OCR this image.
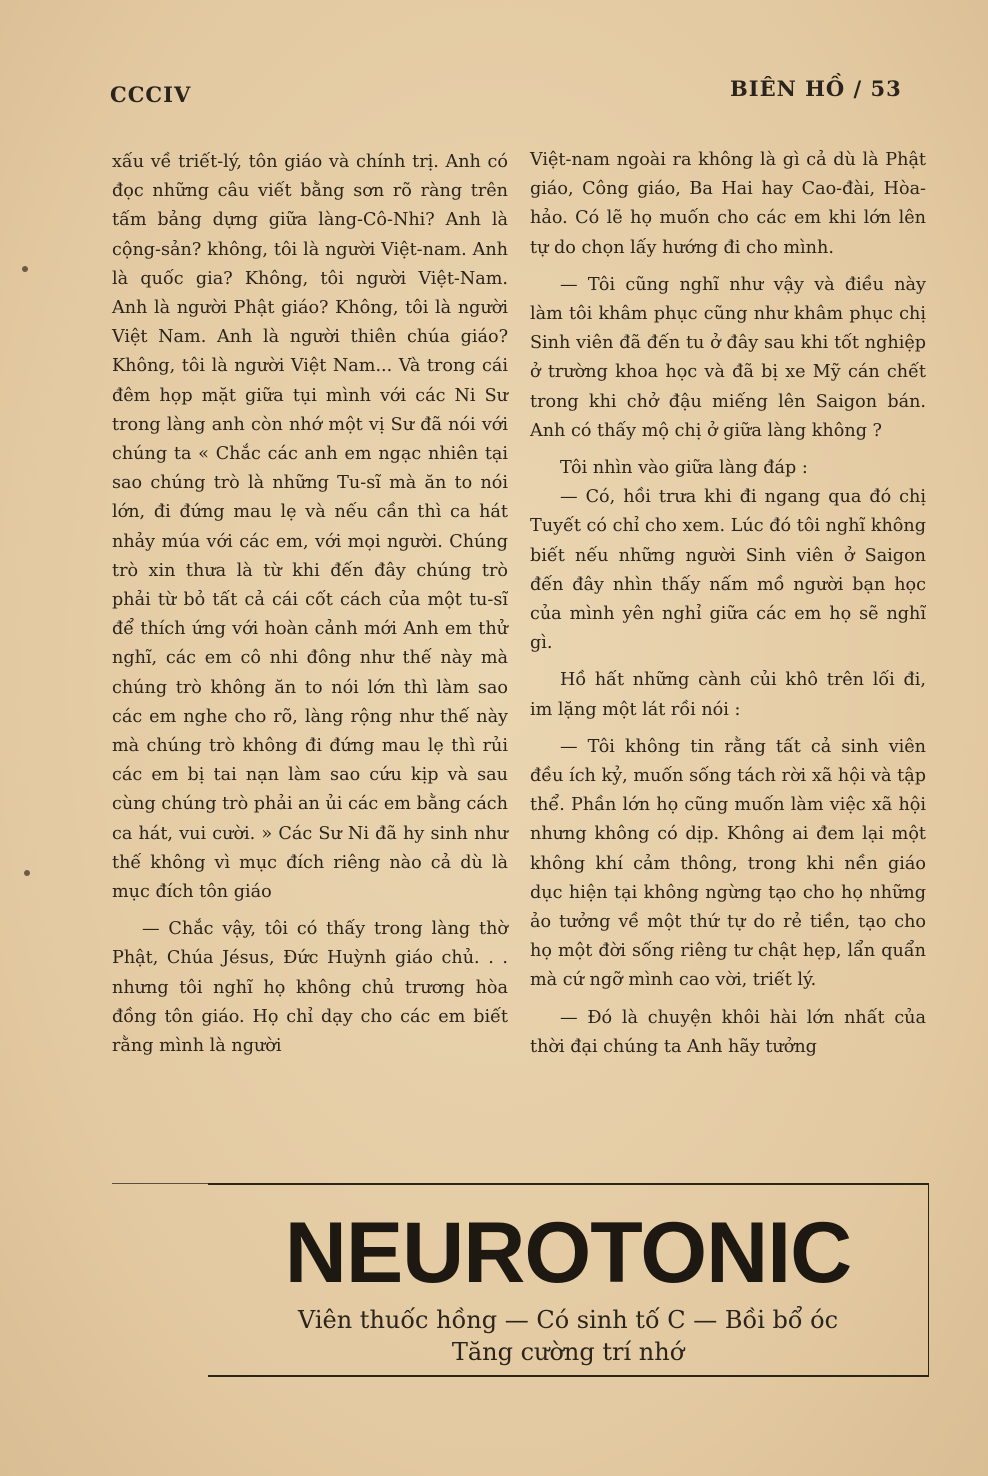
CCCIV	BIÊN HỒ / 53

xấu về triết-lý, tôn giáo và chính trị. Anh có đọc những câu viết bằng sơn rõ ràng trên tấm bảng dựng giữa làng-Cô-Nhi? Anh là cộng-sản? không, tôi là người Việt-nam. Anh là quốc gia? Không, tôi người Việt-Nam. Anh là người Phật giáo? Không, tôi là người Việt Nam. Anh là người thiên chúa giáo? Không, tôi là người Việt Nam... Và trong cái đêm họp mặt giữa tụi mình với các Ni Sư trong làng anh còn nhớ một vị Sư đã nói với chúng ta « Chắc các anh em ngạc nhiên tại sao chúng trò là những Tu-sĩ mà ăn to nói lớn, đi đứng mau lẹ và nếu cần thì ca hát nhảy múa với các em, với mọi người. Chúng trò xin thưa là từ khi đến đây chúng trò phải từ bỏ tất cả cái cốt cách của một tu-sĩ để thích ứng với hoàn cảnh mới Anh em thử nghĩ, các em cô nhi đông như thế này mà chúng trò không ăn to nói lớn thì làm sao các em nghe cho rõ, làng rộng như thế này mà chúng trò không đi đứng mau lẹ thì rủi các em bị tai nạn làm sao cứu kịp và sau cùng chúng trò phải an ủi các em bằng cách ca hát, vui cười. » Các Sư Ni đã hy sinh như thế không vì mục đích riêng nào cả dù là mục đích tôn giáo

— Chắc vậy, tôi có thấy trong làng thờ Phật, Chúa Jésus, Đức Huỳnh giáo chủ. . . nhưng tôi nghĩ họ không chủ trương hòa đồng tôn giáo. Họ chỉ dạy cho các em biết rằng mình là người

Việt-nam ngoài ra không là gì cả dù là Phật giáo, Công giáo, Ba Hai hay Cao-đài, Hòa-hảo. Có lẽ họ muốn cho các em khi lớn lên tự do chọn lấy hướng đi cho mình.

— Tôi cũng nghĩ như vậy và điều này làm tôi khâm phục cũng như khâm phục chị Sinh viên đã đến tu ở đây sau khi tốt nghiệp ở trường khoa học và đã bị xe Mỹ cán chết trong khi chở đậu miếng lên Saigon bán. Anh có thấy mộ chị ở giữa làng không ?

Tôi nhìn vào giữa làng đáp :

— Có, hồi trưa khi đi ngang qua đó chị Tuyết có chỉ cho xem. Lúc đó tôi nghĩ không biết nếu những người Sinh viên ở Saigon đến đây nhìn thấy nấm mồ người bạn học của mình yên nghỉ giữa các em họ sẽ nghĩ gì.

Hồ hất những cành củi khô trên lối đi, im lặng một lát rồi nói :

— Tôi không tin rằng tất cả sinh viên đều ích kỷ, muốn sống tách rời xã hội và tập thể. Phần lớn họ cũng muốn làm việc xã hội nhưng không có dịp. Không ai đem lại một không khí cảm thông, trong khi nền giáo dục hiện tại không ngừng tạo cho họ những ảo tưởng về một thứ tự do rẻ tiền, tạo cho họ một đời sống riêng tư chật hẹp, lẩn quẩn mà cứ ngỡ mình cao vời, triết lý.

— Đó là chuyện khôi hài lớn nhất của thời đại chúng ta Anh hãy tưởng

NEUROTONIC
Viên thuốc hồng — Có sinh tố C — Bồi bổ óc
Tăng cường trí nhớ
